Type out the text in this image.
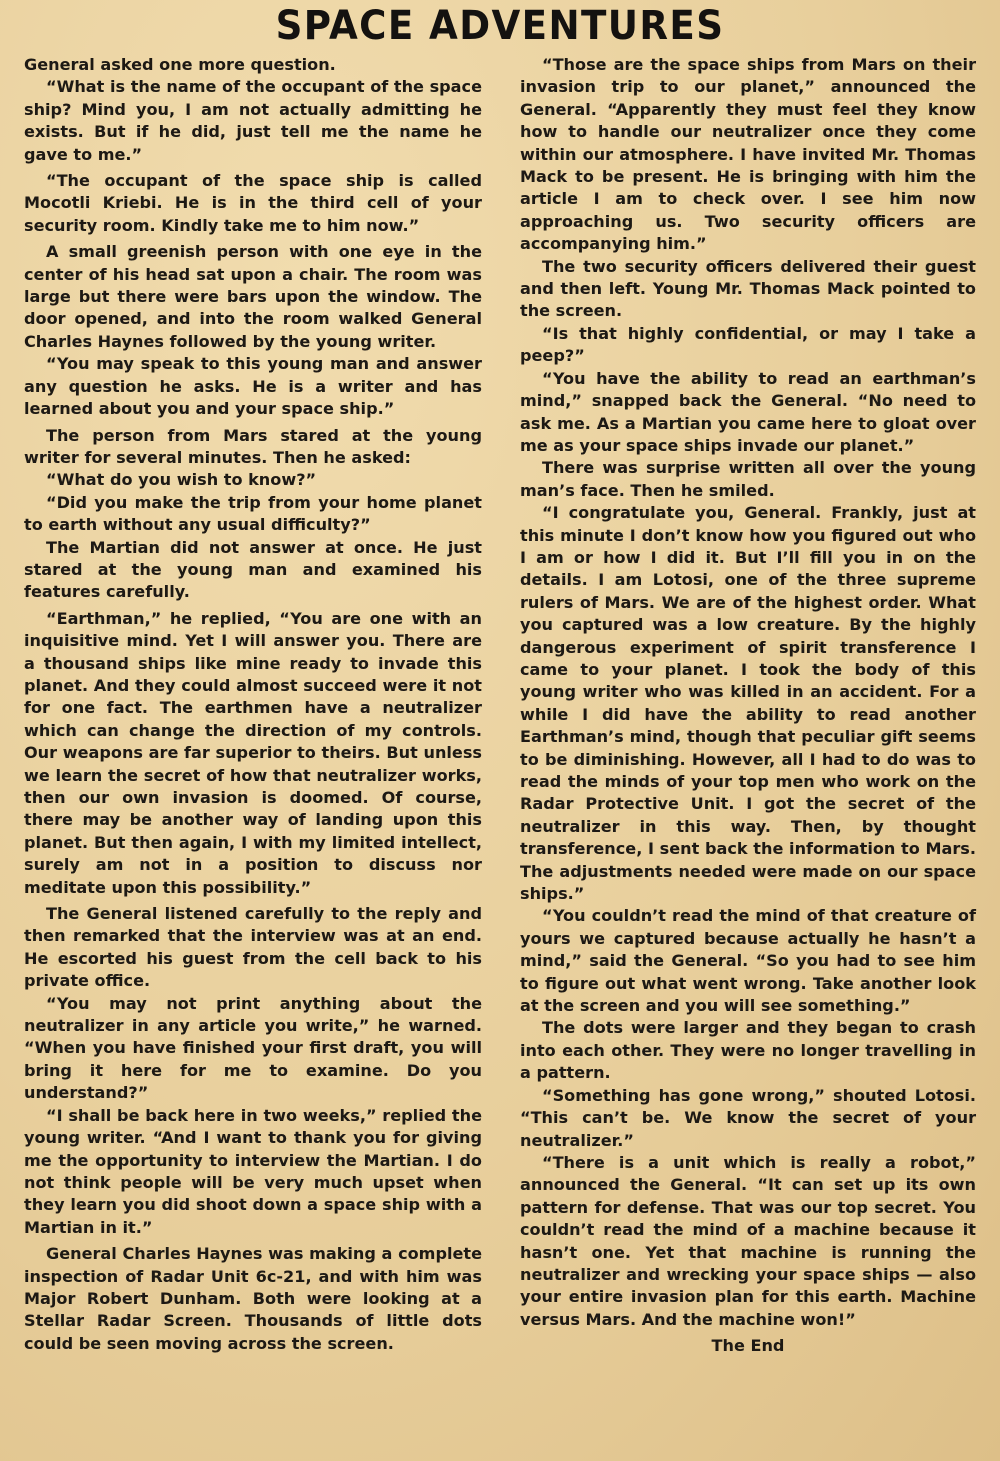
SPACE ADVENTURES

General asked one more question.

“What is the name of the occupant of the space ship? Mind you, I am not actually admitting he exists. But if he did, just tell me the name he gave to me.”

“The occupant of the space ship is called Mocotli Kriebi. He is in the third cell of your security room. Kindly take me to him now.”

A small greenish person with one eye in the center of his head sat upon a chair. The room was large but there were bars upon the window. The door opened, and into the room walked General Charles Haynes followed by the young writer.

“You may speak to this young man and answer any question he asks. He is a writer and has learned about you and your space ship.”

The person from Mars stared at the young writer for several minutes. Then he asked:

“What do you wish to know?”

“Did you make the trip from your home planet to earth without any usual difficulty?”

The Martian did not answer at once. He just stared at the young man and examined his features carefully.

“Earthman,” he replied, “You are one with an inquisitive mind. Yet I will answer you. There are a thousand ships like mine ready to invade this planet. And they could almost succeed were it not for one fact. The earthmen have a neutralizer which can change the direction of my controls. Our weapons are far superior to theirs. But unless we learn the secret of how that neutralizer works, then our own invasion is doomed. Of course, there may be another way of landing upon this planet. But then again, I with my limited intellect, surely am not in a position to discuss nor meditate upon this possibility.”

The General listened carefully to the reply and then remarked that the interview was at an end. He escorted his guest from the cell back to his private office.

“You may not print anything about the neutralizer in any article you write,” he warned. “When you have finished your first draft, you will bring it here for me to examine. Do you understand?”

“I shall be back here in two weeks,” replied the young writer. “And I want to thank you for giving me the opportunity to interview the Martian. I do not think people will be very much upset when they learn you did shoot down a space ship with a Martian in it.”

General Charles Haynes was making a complete inspection of Radar Unit 6c-21, and with him was Major Robert Dunham. Both were looking at a Stellar Radar Screen. Thousands of little dots could be seen moving across the screen.

“Those are the space ships from Mars on their invasion trip to our planet,” announced the General. “Apparently they must feel they know how to handle our neutralizer once they come within our atmosphere. I have invited Mr. Thomas Mack to be present. He is bringing with him the article I am to check over. I see him now approaching us. Two security officers are accompanying him.”

The two security officers delivered their guest and then left. Young Mr. Thomas Mack pointed to the screen.

“Is that highly confidential, or may I take a peep?”

“You have the ability to read an earthman’s mind,” snapped back the General. “No need to ask me. As a Martian you came here to gloat over me as your space ships invade our planet.”

There was surprise written all over the young man’s face. Then he smiled.

“I congratulate you, General. Frankly, just at this minute I don’t know how you figured out who I am or how I did it. But I’ll fill you in on the details. I am Lotosi, one of the three supreme rulers of Mars. We are of the highest order. What you captured was a low creature. By the highly dangerous experiment of spirit transference I came to your planet. I took the body of this young writer who was killed in an accident. For a while I did have the ability to read another Earthman’s mind, though that peculiar gift seems to be diminishing. However, all I had to do was to read the minds of your top men who work on the Radar Protective Unit. I got the secret of the neutralizer in this way. Then, by thought transference, I sent back the information to Mars. The adjustments needed were made on our space ships.”

“You couldn’t read the mind of that creature of yours we captured because actually he hasn’t a mind,” said the General. “So you had to see him to figure out what went wrong. Take another look at the screen and you will see something.”

The dots were larger and they began to crash into each other. They were no longer travelling in a pattern.

“Something has gone wrong,” shouted Lotosi. “This can’t be. We know the secret of your neutralizer.”

“There is a unit which is really a robot,” announced the General. “It can set up its own pattern for defense. That was our top secret. You couldn’t read the mind of a machine because it hasn’t one. Yet that machine is running the neutralizer and wrecking your space ships — also your entire invasion plan for this earth. Machine versus Mars. And the machine won!”

The End
